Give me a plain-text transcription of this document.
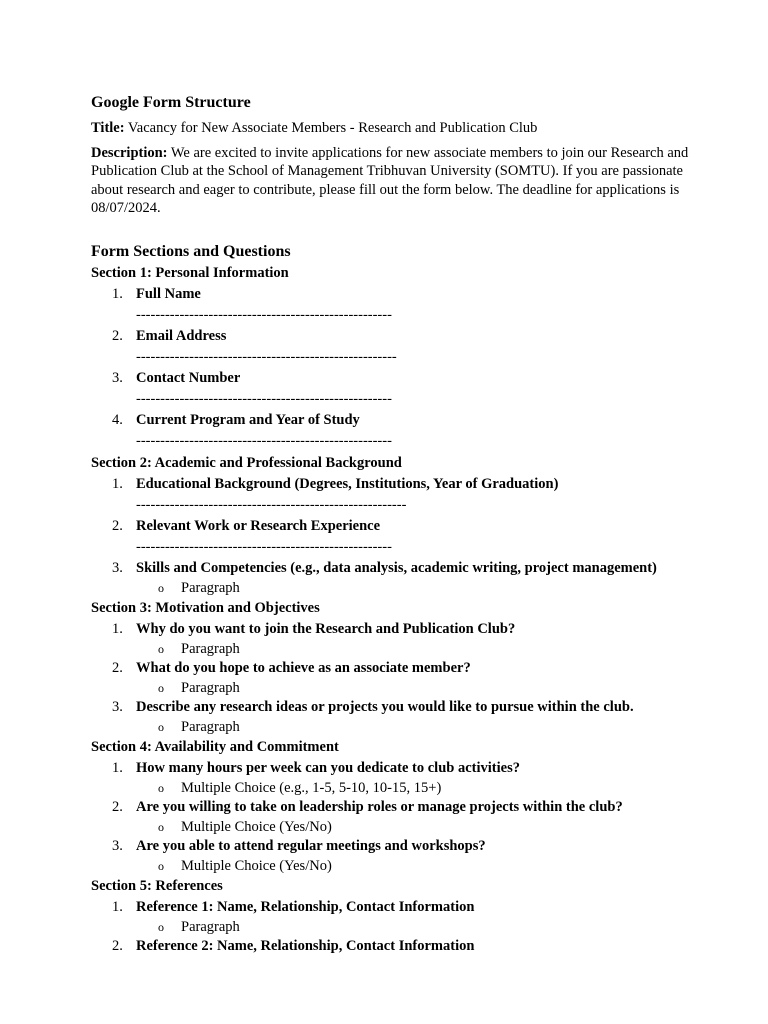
Google Form Structure

Title: Vacancy for New Associate Members - Research and Publication Club

Description: We are excited to invite applications for new associate members to join our Research and Publication Club at the School of Management Tribhuvan University (SOMTU). If you are passionate about research and eager to contribute, please fill out the form below. The deadline for applications is 08/07/2024.

Form Sections and Questions
Section 1: Personal Information
1. Full Name
-----------------------------------------------------
2. Email Address
------------------------------------------------------
3. Contact Number
-----------------------------------------------------
4. Current Program and Year of Study
-----------------------------------------------------
Section 2: Academic and Professional Background
1. Educational Background (Degrees, Institutions, Year of Graduation)
--------------------------------------------------------
2. Relevant Work or Research Experience
-----------------------------------------------------
3. Skills and Competencies (e.g., data analysis, academic writing, project management)
o Paragraph
Section 3: Motivation and Objectives
1. Why do you want to join the Research and Publication Club?
o Paragraph
2. What do you hope to achieve as an associate member?
o Paragraph
3. Describe any research ideas or projects you would like to pursue within the club.
o Paragraph
Section 4: Availability and Commitment
1. How many hours per week can you dedicate to club activities?
o Multiple Choice (e.g., 1-5, 5-10, 10-15, 15+)
2. Are you willing to take on leadership roles or manage projects within the club?
o Multiple Choice (Yes/No)
3. Are you able to attend regular meetings and workshops?
o Multiple Choice (Yes/No)
Section 5: References
1. Reference 1: Name, Relationship, Contact Information
o Paragraph
2. Reference 2: Name, Relationship, Contact Information
